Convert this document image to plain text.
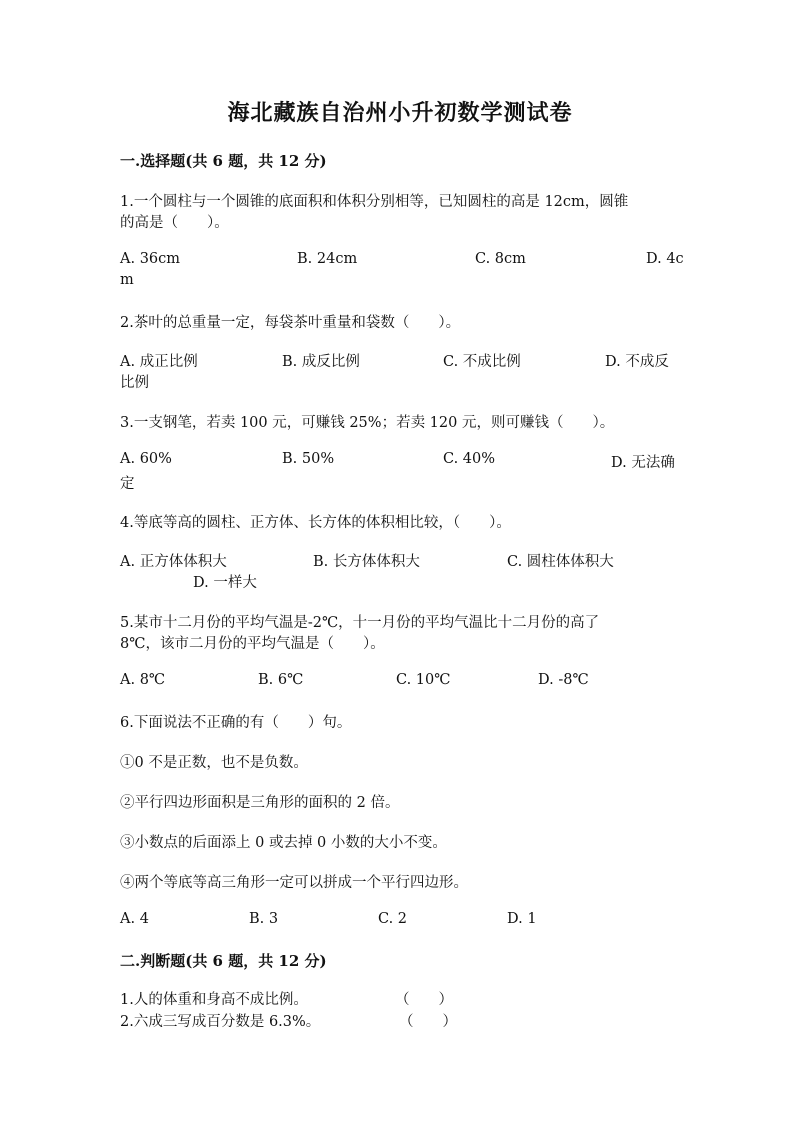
海北藏族自治州小升初数学测试卷
一.选择题(共 6 题，共 12 分)
1.一个圆柱与一个圆锥的底面积和体积分别相等，已知圆柱的高是 12cm，圆锥
的高是（　　）。
A. 36cm	B. 24cm	C. 8cm	D. 4c
m
2.茶叶的总重量一定，每袋茶叶重量和袋数（　　）。
A. 成正比例	B. 成反比例	C. 不成比例	D. 不成反
比例
3.一支钢笔，若卖 100 元，可赚钱 25%；若卖 120 元，则可赚钱（　　）。
A. 60%	B. 50%	C. 40%	D. 无法确
定
4.等底等高的圆柱、正方体、长方体的体积相比较，（　　）。
A. 正方体体积大	B. 长方体体积大	C. 圆柱体体积大
D. 一样大
5.某市十二月份的平均气温是-2℃，十一月份的平均气温比十二月份的高了
8℃，该市二月份的平均气温是（　　）。
A. 8℃	B. 6℃	C. 10℃	D. -8℃
6.下面说法不正确的有（　　）句。
①0 不是正数，也不是负数。
②平行四边形面积是三角形的面积的 2 倍。
③小数点的后面添上 0 或去掉 0 小数的大小不变。
④两个等底等高三角形一定可以拼成一个平行四边形。
A. 4	B. 3	C. 2	D. 1
二.判断题(共 6 题，共 12 分)
1.人的体重和身高不成比例。	（　　）
2.六成三写成百分数是 6.3%。	（　　）
